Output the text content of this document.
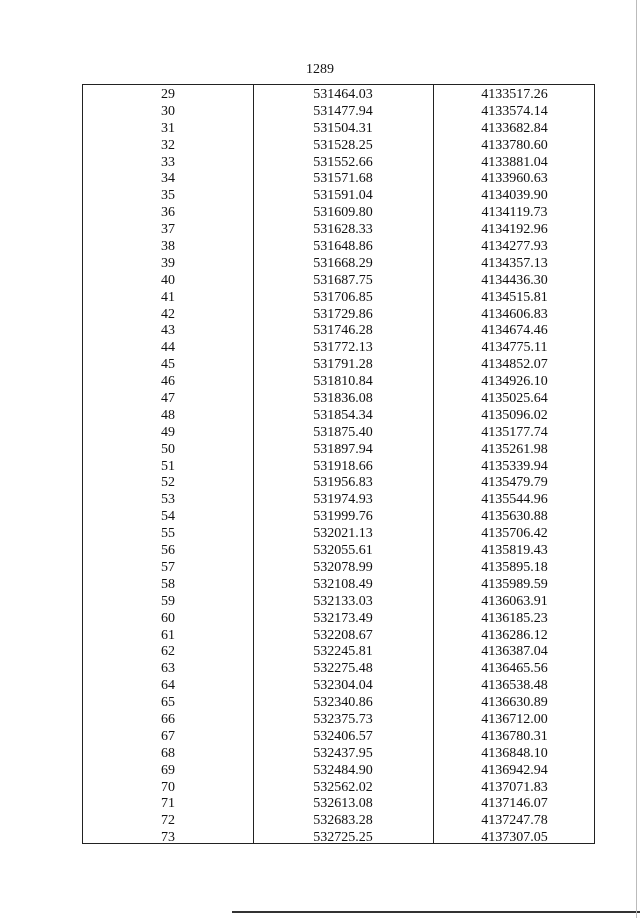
1289
29	531464.03	4133517.26
30	531477.94	4133574.14
31	531504.31	4133682.84
32	531528.25	4133780.60
33	531552.66	4133881.04
34	531571.68	4133960.63
35	531591.04	4134039.90
36	531609.80	4134119.73
37	531628.33	4134192.96
38	531648.86	4134277.93
39	531668.29	4134357.13
40	531687.75	4134436.30
41	531706.85	4134515.81
42	531729.86	4134606.83
43	531746.28	4134674.46
44	531772.13	4134775.11
45	531791.28	4134852.07
46	531810.84	4134926.10
47	531836.08	4135025.64
48	531854.34	4135096.02
49	531875.40	4135177.74
50	531897.94	4135261.98
51	531918.66	4135339.94
52	531956.83	4135479.79
53	531974.93	4135544.96
54	531999.76	4135630.88
55	532021.13	4135706.42
56	532055.61	4135819.43
57	532078.99	4135895.18
58	532108.49	4135989.59
59	532133.03	4136063.91
60	532173.49	4136185.23
61	532208.67	4136286.12
62	532245.81	4136387.04
63	532275.48	4136465.56
64	532304.04	4136538.48
65	532340.86	4136630.89
66	532375.73	4136712.00
67	532406.57	4136780.31
68	532437.95	4136848.10
69	532484.90	4136942.94
70	532562.02	4137071.83
71	532613.08	4137146.07
72	532683.28	4137247.78
73	532725.25	4137307.05
